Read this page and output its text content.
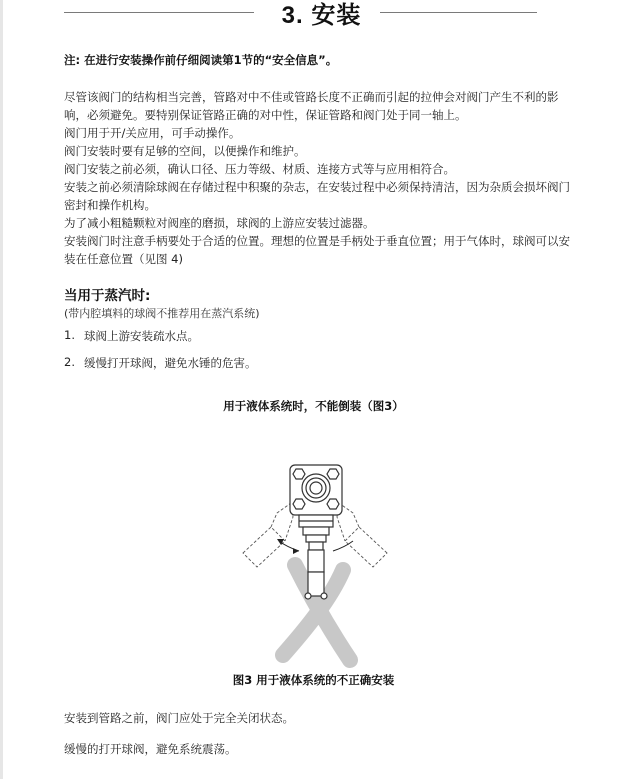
3. 安装
注: 在进行安装操作前仔细阅读第1节的“安全信息”。

尽管该阀门的结构相当完善，管路对中不佳或管路长度不正确而引起的拉伸会对阀门产生不利的影响，必须避免。要特别保证管路正确的对中性，保证管路和阀门处于同一轴上。

阀门用于开/关应用，可手动操作。

阀门安装时要有足够的空间，以便操作和维护。

阀门安装之前必须，确认口径、压力等级、材质、连接方式等与应用相符合。

安装之前必须清除球阀在存储过程中积聚的杂志，在安装过程中必须保持清洁，因为杂质会损坏阀门密封和操作机构。

为了减小粗糙颗粒对阀座的磨损，球阀的上游应安装过滤器。

安装阀门时注意手柄要处于合适的位置。理想的位置是手柄处于垂直位置；用于气体时，球阀可以安装在任意位置（见图 4)

当用于蒸汽时:
(带内腔填料的球阀不推荐用在蒸汽系统)
1. 球阀上游安装疏水点。
2. 缓慢打开球阀，避免水锤的危害。
用于液体系统时，不能倒装（图3）
图3 用于液体系统的不正确安装

安装到管路之前，阀门应处于完全关闭状态。

缓慢的打开球阀，避免系统震荡。
